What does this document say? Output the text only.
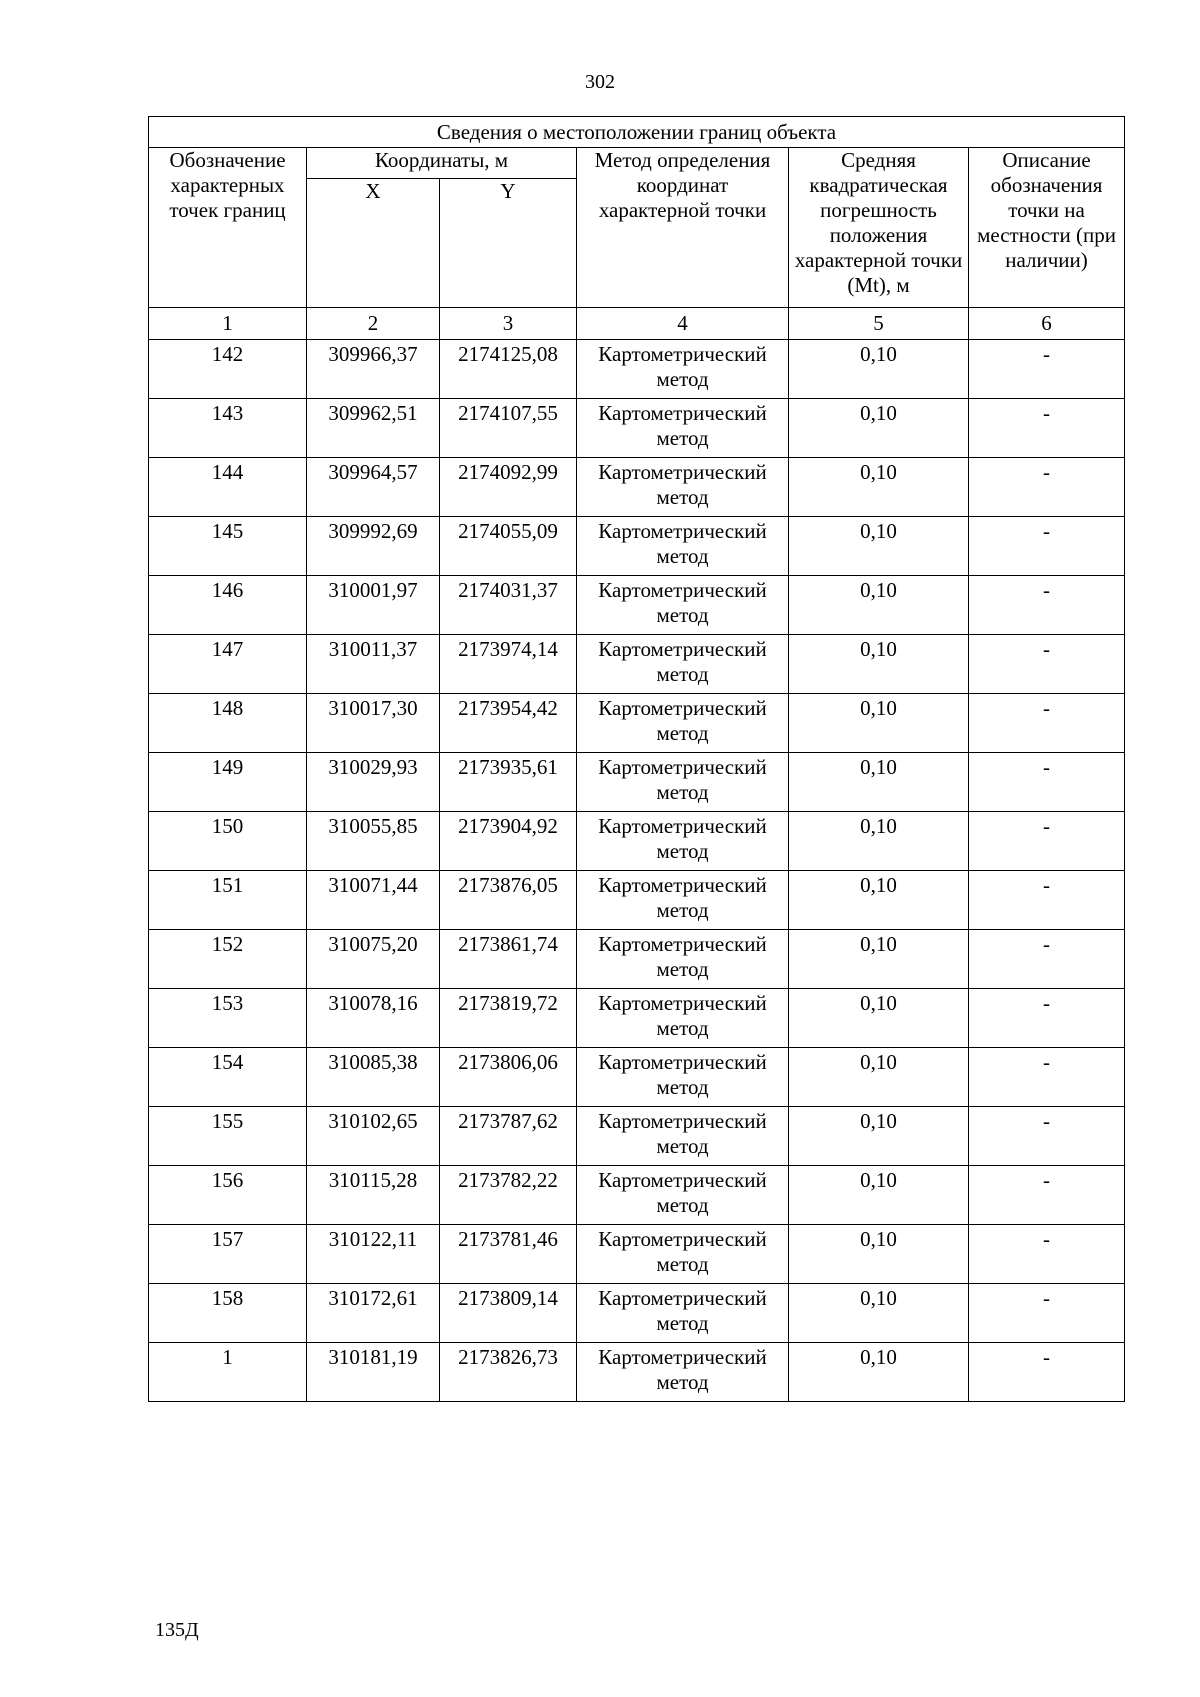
302
Сведения о местоположении границ объекта					
Обозначение характерных точек границ	Координаты, м		Метод определения координат характерной точки	Средняя квадратическая погрешность положения характерной точки (Mt), м	Описание обозначения точки на местности (при наличии)
	X	Y			
1	2	3	4	5	6
142	309966,37	2174125,08	Картометрический метод	0,10	-
143	309962,51	2174107,55	Картометрический метод	0,10	-
144	309964,57	2174092,99	Картометрический метод	0,10	-
145	309992,69	2174055,09	Картометрический метод	0,10	-
146	310001,97	2174031,37	Картометрический метод	0,10	-
147	310011,37	2173974,14	Картометрический метод	0,10	-
148	310017,30	2173954,42	Картометрический метод	0,10	-
149	310029,93	2173935,61	Картометрический метод	0,10	-
150	310055,85	2173904,92	Картометрический метод	0,10	-
151	310071,44	2173876,05	Картометрический метод	0,10	-
152	310075,20	2173861,74	Картометрический метод	0,10	-
153	310078,16	2173819,72	Картометрический метод	0,10	-
154	310085,38	2173806,06	Картометрический метод	0,10	-
155	310102,65	2173787,62	Картометрический метод	0,10	-
156	310115,28	2173782,22	Картометрический метод	0,10	-
157	310122,11	2173781,46	Картометрический метод	0,10	-
158	310172,61	2173809,14	Картометрический метод	0,10	-
1	310181,19	2173826,73	Картометрический метод	0,10	-
135Д
